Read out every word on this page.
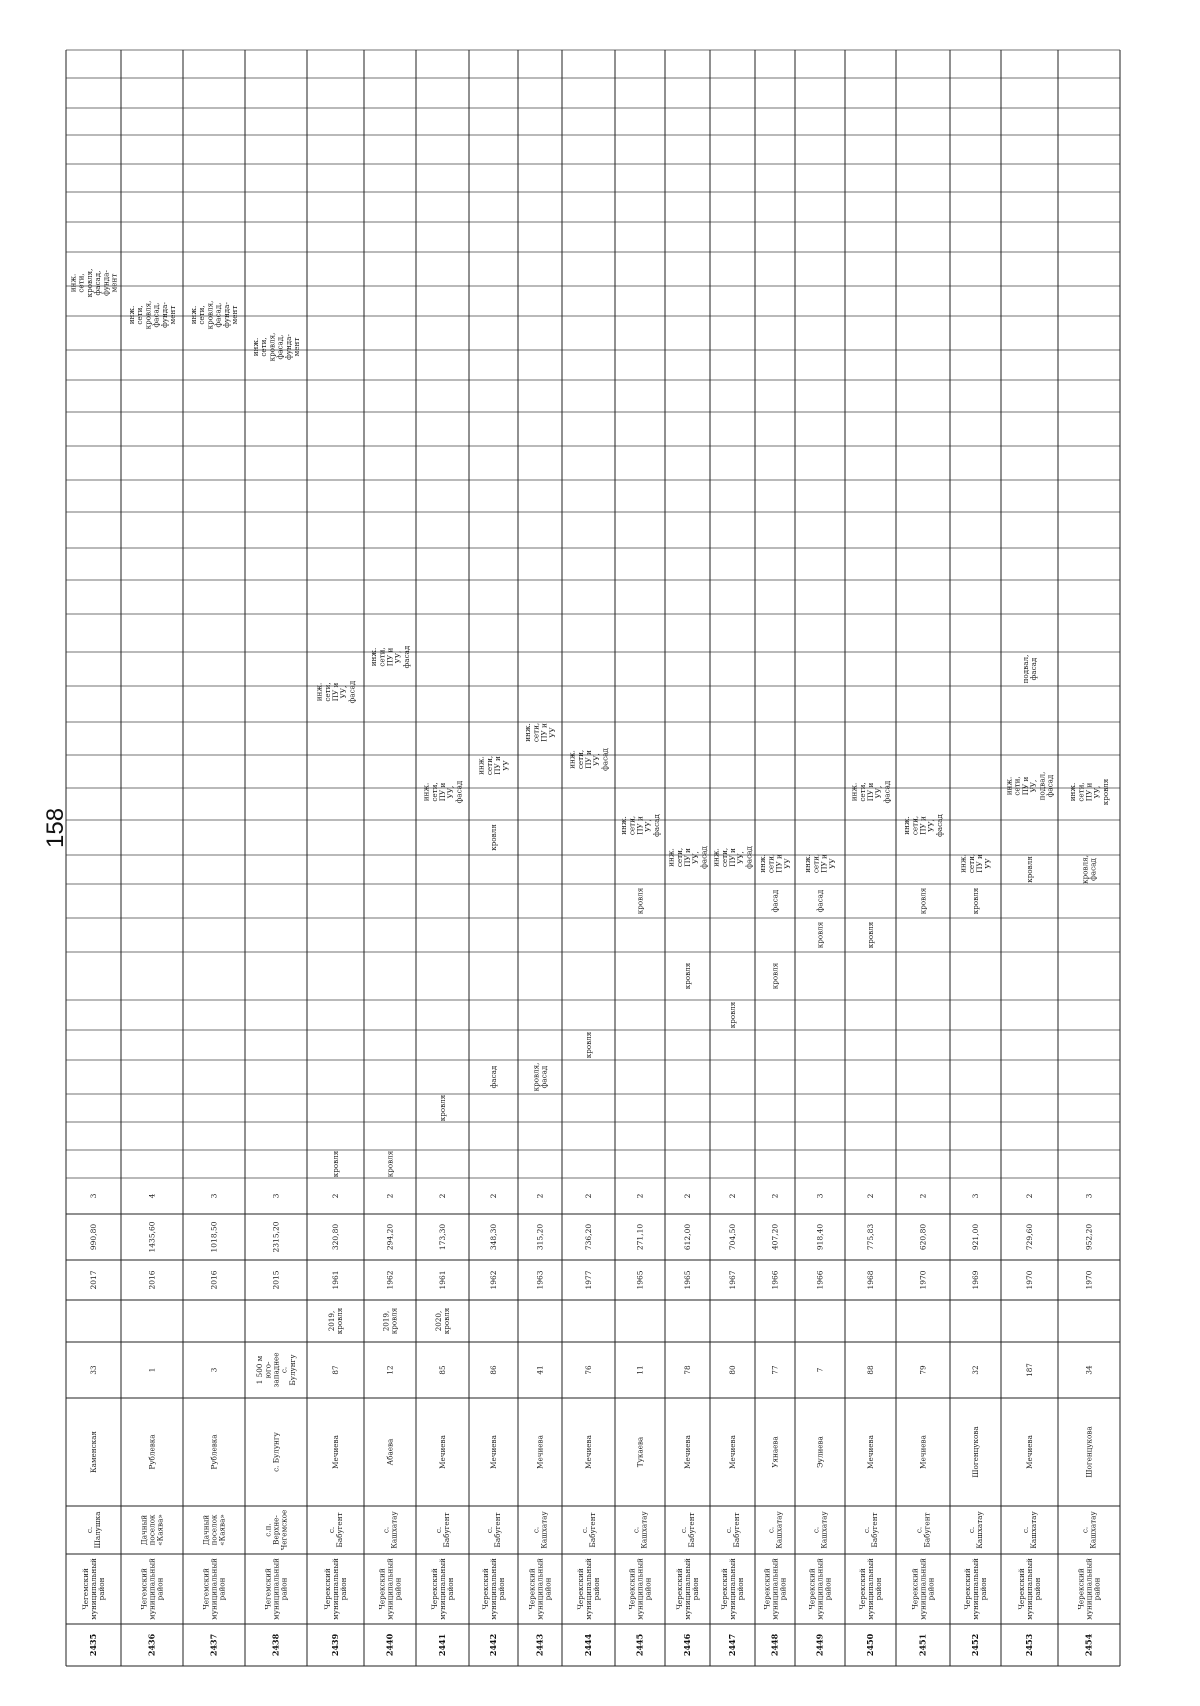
2435
Чегемский муниципальный район
с. Шалушка
Каменская
33
2017
990,80
3
инж. сети, кровля, фасад, фунда- мент
2436
Чегемский муниципальный район
Дачный поселок «Каява»
Рублевка
1
2016
1435,60
4
инж. сети, кровля, фасад, фунда- мент
2437
Чегемский муниципальный район
Дачный поселок «Каява»
Рублевка
3
2016
1018,50
3
инж. сети, кровля, фасад, фунда- мент
2438
Чегемский муниципальный район
с.п. Верхне- Чегемское
с. Булунгу
1 500 м юго- западнее с. Булунгу
2015
2315,20
3
инж. сети, кровля, фасад, фунда- мент
2439
Черекский муниципальный район
с. Бабугент
Мечиева
87
2019, кровля
1961
320,80
2
кровля
инж. сети, ПУ и УУ, фасад
2440
Черекский муниципальный район
с. Кашхатау
Абаева
12
2019, кровля
1962
294,20
2
кровля
инж. сети, ПУ и УУ, фасад
2441
Черекский муниципальный район
с. Бабугент
Мечиева
85
2020, кровля
1961
173,30
2
кровля
инж. сети, ПУ и УУ, фасад
2442
Черекский муниципальный район
с. Бабугент
Мечиева
86
1962
348,30
2
фасад
кровля
инж. сети, ПУ и УУ
2443
Черекский муниципальный район
с. Кашхатау
Мечиева
41
1963
315,20
2
кровля, фасад
инж. сети, ПУ и УУ
2444
Черекский муниципальный район
с. Бабугент
Мечиева
76
1977
736,20
2
кровля
инж. сети, ПУ и УУ, фасад
2445
Черекский муниципальный район
с. Кашхатау
Тукаева
11
1965
271,10
2
кровля
инж. сети, ПУ и УУ, фасад
2446
Черекский муниципальный район
с. Бабугент
Мечиева
78
1965
612,00
2
кровля
инж. сети, ПУ и УУ, фасад
2447
Черекский муниципальный район
с. Бабугент
Мечиева
80
1967
704,50
2
кровля
инж. сети, ПУ и УУ, фасад
2448
Черекский муниципальный район
с. Кашхатау
Уянаева
77
1966
407,20
2
кровля
фасад
инж. сети, ПУ и УУ
2449
Черекский муниципальный район
с. Кашхатау
Эулиева
7
1966
918,40
3
кровля
фасад
инж. сети, ПУ и УУ
2450
Черекский муниципальный район
с. Бабугент
Мечиева
88
1968
775,83
2
кровля
инж. сети, ПУ и УУ, фасад
2451
Черекский муниципальный район
с. Бабугент
Мечиева
79
1970
620,80
2
кровля
инж. сети, ПУ и УУ, фасад
2452
Черекский муниципальный район
с. Кашхатау
Шогенцукова
32
1969
921,00
3
кровля
инж. сети, ПУ и УУ
2453
Черекский муниципальный район
с. Кашхатау
Мечиева
187
1970
729,60
2
кровля
инж. сети, ПУ и УУ, подвал, фасад
подвал, фасад
2454
Черекский муниципальный район
с. Кашхатау
Шогенцукова
34
1970
952,20
3
кровля, фасад
инж. сети, ПУ и УУ, кровля
158
